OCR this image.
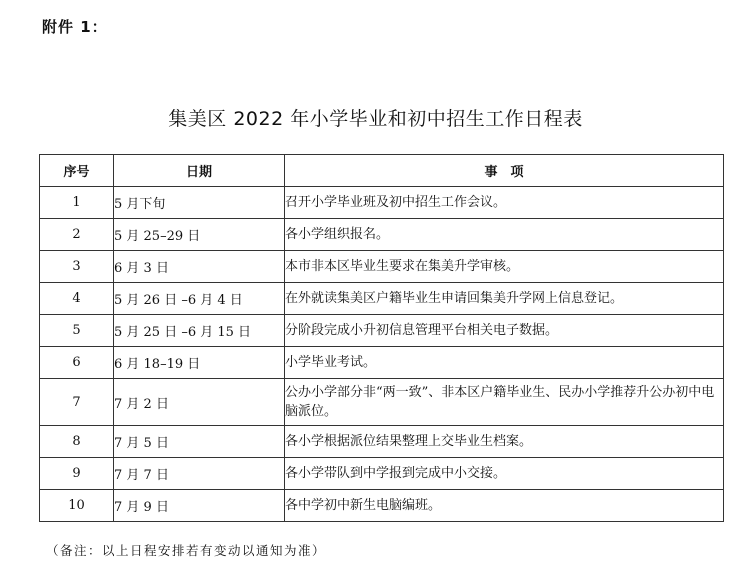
附件 1：
集美区 2022 年小学毕业和初中招生工作日程表
序号	日期	事　项
1	5 月下旬	召开小学毕业班及初中招生工作会议。
2	5 月 25–29 日	各小学组织报名。
3	6 月 3 日	本市非本区毕业生要求在集美升学审核。
4	5 月 26 日 –6 月 4 日	在外就读集美区户籍毕业生申请回集美升学网上信息登记。
5	5 月 25 日 –6 月 15 日	分阶段完成小升初信息管理平台相关电子数据。
6	6 月 18–19 日	小学毕业考试。
7	7 月 2 日	公办小学部分非“两一致”、非本区户籍毕业生、民办小学推荐升公办初中电脑派位。
8	7 月 5 日	各小学根据派位结果整理上交毕业生档案。
9	7 月 7 日	各小学带队到中学报到完成中小交接。
10	7 月 9 日	各中学初中新生电脑编班。
（备注：以上日程安排若有变动以通知为准）
